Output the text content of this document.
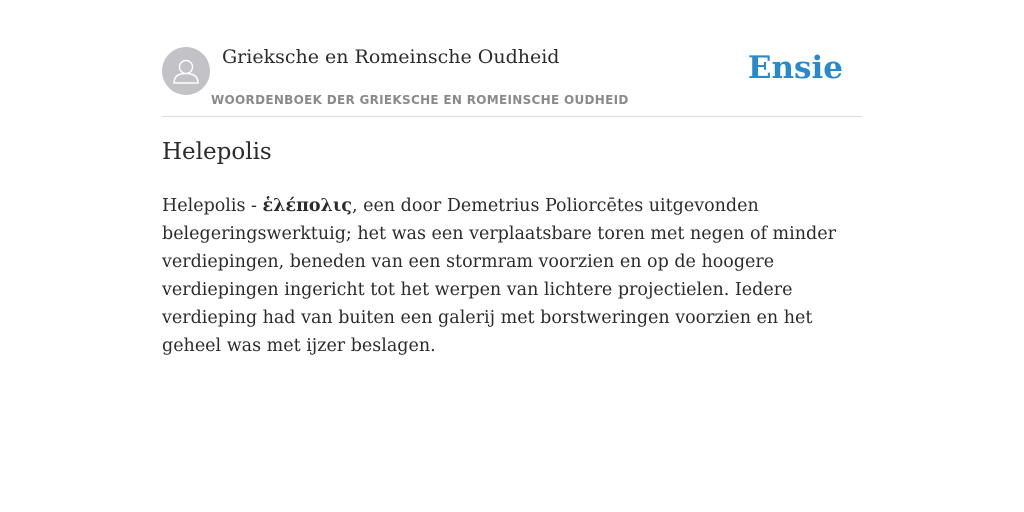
Grieksche en Romeinsche Oudheid
WOORDENBOEK DER GRIEKSCHE EN ROMEINSCHE OUDHEID
Ensie
Helepolis

Helepolis - ἑλέπολις, een door Demetrius Poliorcētes uitgevonden belegeringswerktuig; het was een verplaatsbare toren met negen of minder verdiepingen, beneden van een stormram voorzien en op de hoogere verdiepingen ingericht tot het werpen van lichtere projectielen. Iedere verdieping had van buiten een galerij met borstweringen voorzien en het geheel was met ijzer beslagen.
